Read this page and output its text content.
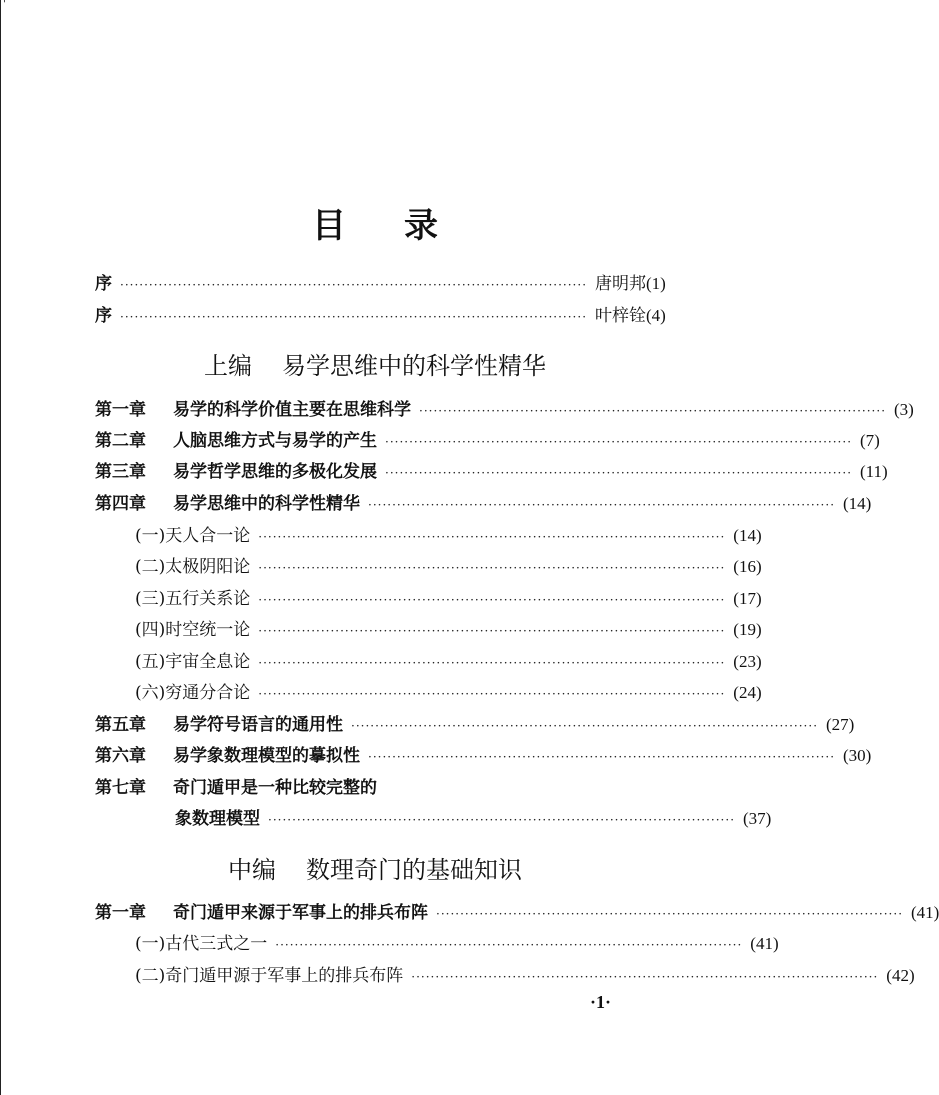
'
目录
序 ································································································· 唐明邦(1)
序 ································································································· 叶梓铨(4)
上编 易学思维中的科学性精华
第一章	易学的科学价值主要在思维科学 ································································································· (3)
第二章	人脑思维方式与易学的产生 ································································································· (7)
第三章	易学哲学思维的多极化发展 ································································································· (11)
第四章	易学思维中的科学性精华 ································································································· (14)
(一)天人合一论 ································································································· (14)
(二)太极阴阳论 ································································································· (16)
(三)五行关系论 ································································································· (17)
(四)时空统一论 ································································································· (19)
(五)宇宙全息论 ································································································· (23)
(六)穷通分合论 ································································································· (24)
第五章	易学符号语言的通用性 ································································································· (27)
第六章	易学象数理模型的摹拟性 ································································································· (30)
第七章	奇门遁甲是一种比较完整的
象数理模型 ································································································· (37)
中编 数理奇门的基础知识
第一章	奇门遁甲来源于军事上的排兵布阵 ································································································· (41)
(一)古代三式之一 ································································································· (41)
(二)奇门遁甲源于军事上的排兵布阵 ································································································· (42)
·1·
